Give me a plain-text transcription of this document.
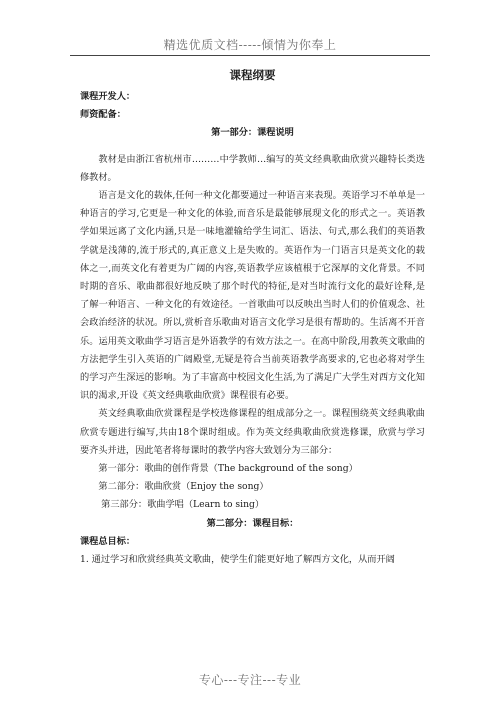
精选优质文档-----倾情为你奉上
课程纲要

课程开发人：

师资配备：

第一部分：课程说明

教材是由浙江省杭州市………中学教师…编写的英文经典歌曲欣赏兴趣特长类选修教材。

语言是文化的载体,任何一种文化都要通过一种语言来表现。英语学习不单单是一种语言的学习,它更是一种文化的体验,而音乐是最能够展现文化的形式之一。英语教学如果远离了文化内涵,只是一味地灌输给学生词汇、语法、句式,那么我们的英语教学就是浅薄的,流于形式的,真正意义上是失败的。英语作为一门语言只是英文化的载体之一,而英文化有着更为广阔的内容,英语教学应该植根于它深厚的文化背景。不同时期的音乐、歌曲都很好地反映了那个时代的特征,是对当时流行文化的最好诠释,是了解一种语言、一种文化的有效途径。一首歌曲可以反映出当时人们的价值观念、社会政治经济的状况。所以,赏析音乐歌曲对语言文化学习是很有帮助的。生活离不开音乐。运用英文歌曲学习语言是外语教学的有效方法之一。在高中阶段,用教英文歌曲的方法把学生引入英语的广阔殿堂,无疑是符合当前英语教学高要求的,它也必将对学生的学习产生深远的影响。为了丰富高中校园文化生活,为了满足广大学生对西方文化知识的渴求,开设《英文经典歌曲欣赏》课程很有必要。

英文经典歌曲欣赏课程是学校选修课程的组成部分之一。课程围绕英文经典歌曲欣赏专题进行编写,共由18个课时组成。作为英文经典歌曲欣赏选修课，欣赏与学习要齐头并进，因此笔者将每课时的教学内容大致划分为三部分：

第一部分：歌曲的创作背景（The background of the song）

第二部分：歌曲欣赏（Enjoy the song）

第三部分：歌曲学唱（Learn to sing）

第二部分：课程目标：

课程总目标：

1. 通过学习和欣赏经典英文歌曲，使学生们能更好地了解西方文化，从而开阔

专心---专注---专业
